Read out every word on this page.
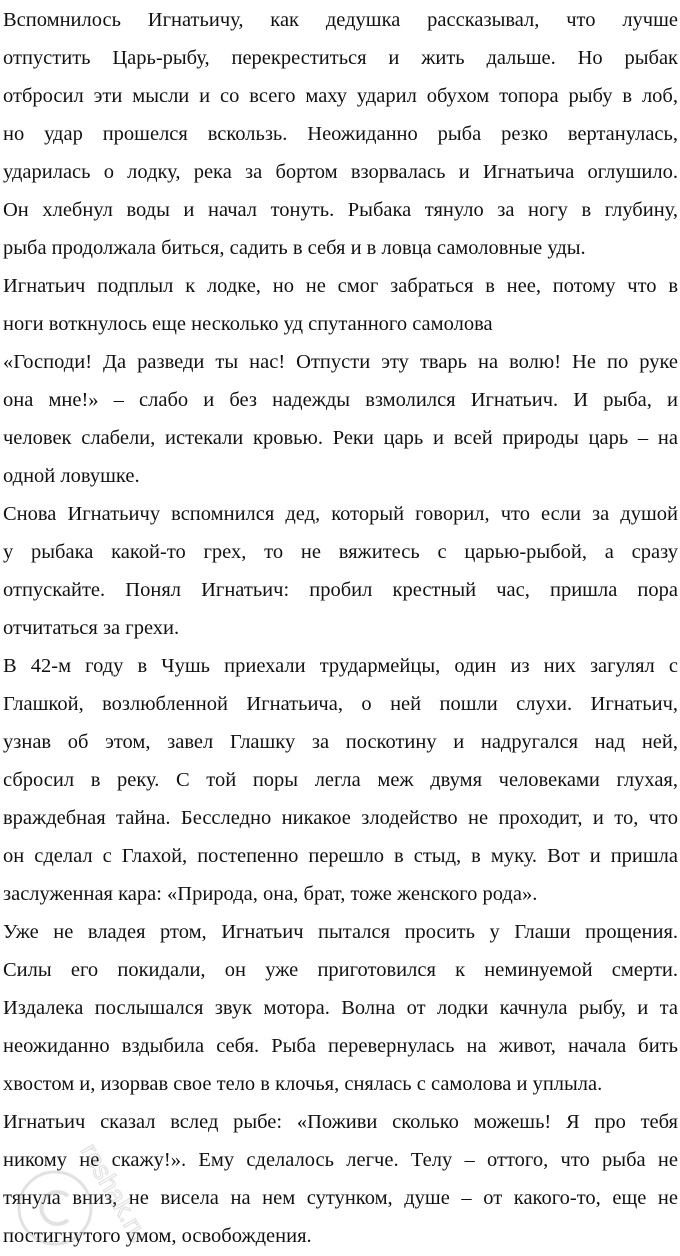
Вспомнилось Игнатьичу, как дедушка рассказывал, что лучше
отпустить Царь-рыбу, перекреститься и жить дальше. Но рыбак
отбросил эти мысли и со всего маху ударил обухом топора рыбу в лоб,
но удар прошелся вскользь. Неожиданно рыба резко вертанулась,
ударилась о лодку, река за бортом взорвалась и Игнатьича оглушило.
Он хлебнул воды и начал тонуть. Рыбака тянуло за ногу в глубину,
рыба продолжала биться, садить в себя и в ловца самоловные уды.
Игнатьич подплыл к лодке, но не смог забраться в нее, потому что в
ноги воткнулось еще несколько уд спутанного самолова
«Господи! Да разведи ты нас! Отпусти эту тварь на волю! Не по руке
она мне!» – слабо и без надежды взмолился Игнатьич. И рыба, и
человек слабели, истекали кровью. Реки царь и всей природы царь – на
одной ловушке.
Снова Игнатьичу вспомнился дед, который говорил, что если за душой
у рыбака какой-то грех, то не вяжитесь с царью-рыбой, а сразу
отпускайте. Понял Игнатьич: пробил крестный час, пришла пора
отчитаться за грехи.
В 42-м году в Чушь приехали трудармейцы, один из них загулял с
Глашкой, возлюбленной Игнатьича, о ней пошли слухи. Игнатьич,
узнав об этом, завел Глашку за поскотину и надругался над ней,
сбросил в реку. С той поры легла меж двумя человеками глухая,
враждебная тайна. Бесследно никакое злодейство не проходит, и то, что
он сделал с Глахой, постепенно перешло в стыд, в муку. Вот и пришла
заслуженная кара: «Природа, она, брат, тоже женского рода».
Уже не владея ртом, Игнатьич пытался просить у Глаши прощения.
Силы его покидали, он уже приготовился к неминуемой смерти.
Издалека послышался звук мотора. Волна от лодки качнула рыбу, и та
неожиданно вздыбила себя. Рыба перевернулась на живот, начала бить
хвостом и, изорвав свое тело в клочья, снялась с самолова и уплыла.
Игнатьич сказал вслед рыбе: «Поживи сколько можешь! Я про тебя
никому не скажу!». Ему сделалось легче. Телу – оттого, что рыба не
тянула вниз, не висела на нем сутунком, душе – от какого-то, еще не
постигнутого умом, освобождения.
reshak.ru
